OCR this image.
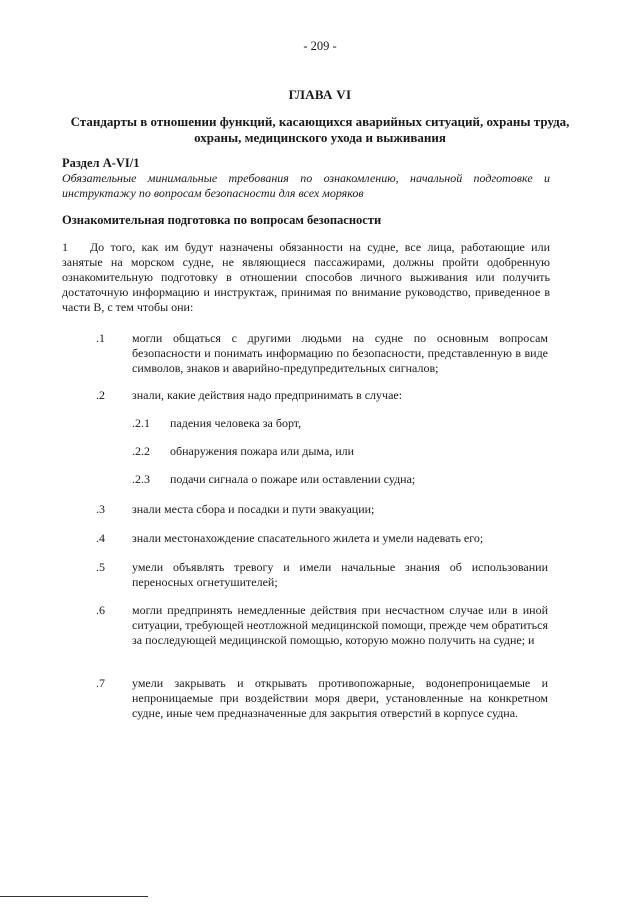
- 209 -
ГЛАВА VI
Стандарты в отношении функций, касающихся аварийных ситуаций, охраны труда, охраны, медицинского ухода и выживания
Раздел А-VI/1
Обязательные минимальные требования по ознакомлению, начальной подготовке и инструктажу по вопросам безопасности для всех моряков
Ознакомительная подготовка по вопросам безопасности
1 До того, как им будут назначены обязанности на судне, все лица, работающие или занятые на морском судне, не являющиеся пассажирами, должны пройти одобренную ознакомительную подготовку в отношении способов личного выживания или получить достаточную информацию и инструктаж, принимая по внимание руководство, приведенное в части В, с тем чтобы они:
.1	могли общаться с другими людьми на судне по основным вопросам безопасности и понимать информацию по безопасности, представленную в виде символов, знаков и аварийно-предупредительных сигналов;
.2	знали, какие действия надо предпринимать в случае:
.2.1 падения человека за борт,
.2.2 обнаружения пожара или дыма, или
.2.3 подачи сигнала о пожаре или оставлении судна;
.3	знали места сбора и посадки и пути эвакуации;
.4	знали местонахождение спасательного жилета и умели надевать его;
.5	умели объявлять тревогу и имели начальные знания об использовании переносных огнетушителей;
.6	могли предпринять немедленные действия при несчастном случае или в иной ситуации, требующей неотложной медицинской помощи, прежде чем обратиться за последующей медицинской помощью, которую можно получить на судне; и
.7	умели закрывать и открывать противопожарные, водонепроницаемые и непроницаемые при воздействии моря двери, установленные на конкретном судне, иные чем предназначенные для закрытия отверстий в корпусе судна.
